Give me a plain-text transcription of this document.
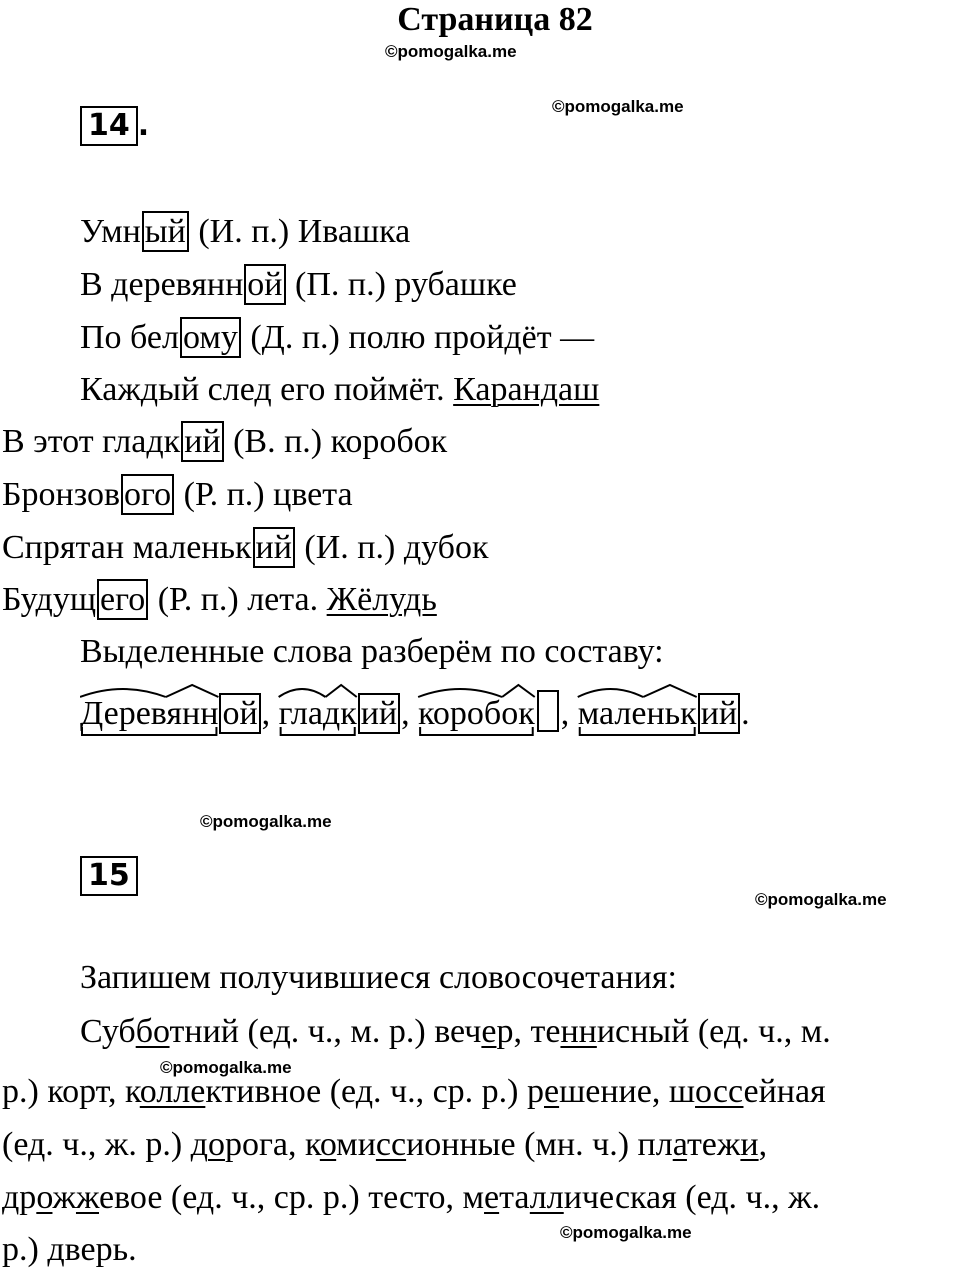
Страница 82
©pomogalka.me
©pomogalka.me
©pomogalka.me
©pomogalka.me
©pomogalka.me
©pomogalka.me
14 .
Умн ый (И. п.) Ивашка
В деревянн ой (П. п.) рубашке
По бел ому (Д. п.) полю пройдёт —
Каждый след его поймёт. Карандаш
В этот гладк ий (В. п.) коробок
Бронзов ого (Р. п.) цвета
Спрятан маленьк ий (И. п.) дубок
Будущ его (Р. п.) лета. Жёлудь
Выделенные слова разберём по составу:
Деревянн ой , гладк ий , коробок , маленьк ий .
15
Запишем получившиеся словосочетания:
Субботний (ед. ч., м. р.) вечер, теннисный (ед. ч., м.
р.) корт, коллективное (ед. ч., ср. р.) решение, шоссейная
(ед. ч., ж. р.) дорога, комиссионные (мн. ч.) платежи,
дрожжевое (ед. ч., ср. р.) тесто, металлическая (ед. ч., ж.
р.) дверь.
